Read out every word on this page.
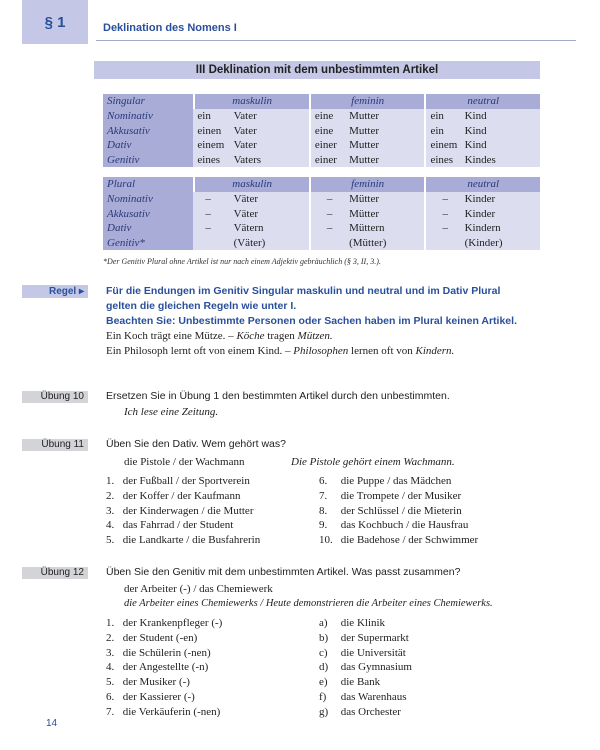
§ 1	Deklination des Nomens I
III Deklination mit dem unbestimmten Artikel
Singular	maskulin		feminin		neutral	
Nominativ	ein	Vater	eine	Mutter	ein	Kind
Akkusativ	einen	Vater	eine	Mutter	ein	Kind
Dativ	einem	Vater	einer	Mutter	einem	Kind
Genitiv	eines	Vaters	einer	Mutter	eines	Kindes
Plural	maskulin		feminin		neutral	
Nominativ	–	Väter	–	Mütter	–	Kinder
Akkusativ	–	Väter	–	Mütter	–	Kinder
Dativ	–	Vätern	–	Müttern	–	Kindern
Genitiv*		(Väter)		(Mütter)		(Kinder)
*Der Genitiv Plural ohne Artikel ist nur nach einem Adjektiv gebräuchlich (§ 3, II, 3.).
Regel ▸	Für die Endungen im Genitiv Singular maskulin und neutral und im Dativ Plural
gelten die gleichen Regeln wie unter I.
Beachten Sie: Unbestimmte Personen oder Sachen haben im Plural keinen Artikel.
Ein Koch trägt eine Mütze. – Köche tragen Mützen.
Ein Philosoph lernt oft von einem Kind. – Philosophen lernen oft von Kindern.
Übung 10	Ersetzen Sie in Übung 1 den bestimmten Artikel durch den unbestimmten.
Ich lese eine Zeitung.
Übung 11	Üben Sie den Dativ. Wem gehört was?
die Pistole / der Wachmann	Die Pistole gehört einem Wachmann.
1. der Fußball / der Sportverein
2. der Koffer / der Kaufmann
3. der Kinderwagen / die Mutter
4. das Fahrrad / der Student
5. die Landkarte / die Busfahrerin
6. die Puppe / das Mädchen
7. die Trompete / der Musiker
8. der Schlüssel / die Mieterin
9. das Kochbuch / die Hausfrau
10. die Badehose / der Schwimmer
Übung 12	Üben Sie den Genitiv mit dem unbestimmten Artikel. Was passt zusammen?
der Arbeiter (-) / das Chemiewerk
die Arbeiter eines Chemiewerks / Heute demonstrieren die Arbeiter eines Chemiewerks.
1. der Krankenpfleger (-)
2. der Student (-en)
3. die Schülerin (-nen)
4. der Angestellte (-n)
5. der Musiker (-)
6. der Kassierer (-)
7. die Verkäuferin (-nen)
a) die Klinik
b) der Supermarkt
c) die Universität
d) das Gymnasium
e) die Bank
f) das Warenhaus
g) das Orchester
14
